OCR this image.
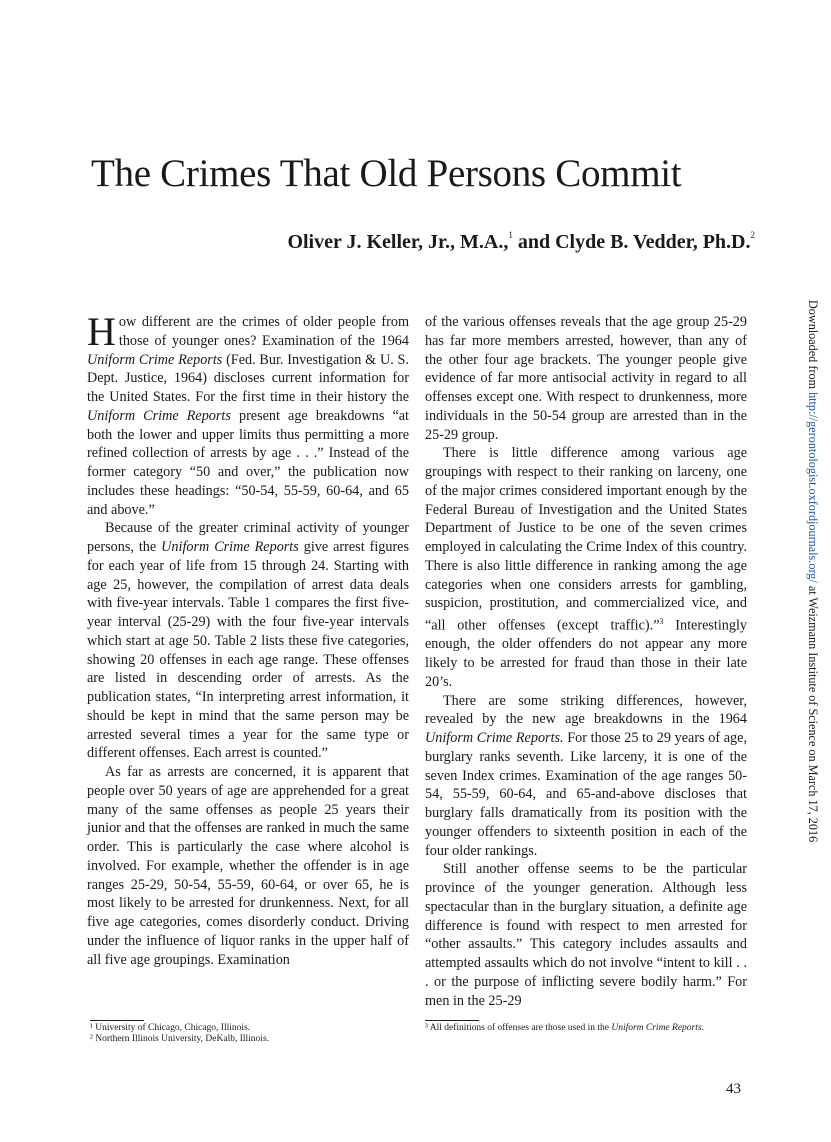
The Crimes That Old Persons Commit
Oliver J. Keller, Jr., M.A.,$^1$ and Clyde B. Vedder, Ph.D.$^2$

How different are the crimes of older people from those of younger ones? Examination of the 1964 Uniform Crime Reports (Fed. Bur. Investigation & U. S. Dept. Justice, 1964) discloses current information for the United States. For the first time in their history the Uniform Crime Reports present age breakdowns “at both the lower and upper limits thus permitting a more refined collection of arrests by age . . .” Instead of the former category “50 and over,” the publication now includes these headings: “50-54, 55-59, 60-64, and 65 and above.”

Because of the greater criminal activity of younger persons, the Uniform Crime Reports give arrest figures for each year of life from 15 through 24. Starting with age 25, however, the compilation of arrest data deals with five-year intervals. Table 1 compares the first five-year interval (25-29) with the four five-year intervals which start at age 50. Table 2 lists these five categories, showing 20 offenses in each age range. These offenses are listed in descending order of arrests. As the publication states, “In interpreting arrest information, it should be kept in mind that the same person may be arrested several times a year for the same type or different offenses. Each arrest is counted.”

As far as arrests are concerned, it is apparent that people over 50 years of age are apprehended for a great many of the same offenses as people 25 years their junior and that the offenses are ranked in much the same order. This is particularly the case where alcohol is involved. For example, whether the offender is in age ranges 25-29, 50-54, 55-59, 60-64, or over 65, he is most likely to be arrested for drunkenness. Next, for all five age categories, comes disorderly conduct. Driving under the influence of liquor ranks in the upper half of all five age groupings. Examination

of the various offenses reveals that the age group 25-29 has far more members arrested, however, than any of the other four age brackets. The younger people give evidence of far more antisocial activity in regard to all offenses except one. With respect to drunkenness, more individuals in the 50-54 group are arrested than in the 25-29 group.

There is little difference among various age groupings with respect to their ranking on larceny, one of the major crimes considered important enough by the Federal Bureau of Investigation and the United States Department of Justice to be one of the seven crimes employed in calculating the Crime Index of this country. There is also little difference in ranking among the age categories when one considers arrests for gambling, suspicion, prostitution, and commercialized vice, and “all other offenses (except traffic).”$^3$ Interestingly enough, the older offenders do not appear any more likely to be arrested for fraud than those in their late 20’s.

There are some striking differences, however, revealed by the new age breakdowns in the 1964 Uniform Crime Reports. For those 25 to 29 years of age, burglary ranks seventh. Like larceny, it is one of the seven Index crimes. Examination of the age ranges 50-54, 55-59, 60-64, and 65-and-above discloses that burglary falls dramatically from its position with the younger offenders to sixteenth position in each of the four older rankings.

Still another offense seems to be the particular province of the younger generation. Although less spectacular than in the burglary situation, a definite age difference is found with respect to men arrested for “other assaults.” This category includes assaults and attempted assaults which do not involve “intent to kill . . . or the purpose of inflicting severe bodily harm.” For men in the 25-29

¹ University of Chicago, Chicago, Illinois.
² Northern Illinois University, DeKalb, Illinois.
³ All definitions of offenses are those used in the Uniform Crime Reports.
43
Downloaded from http://gerontologist.oxfordjournals.org/ at Weizmann Institute of Science on March 17, 2016
